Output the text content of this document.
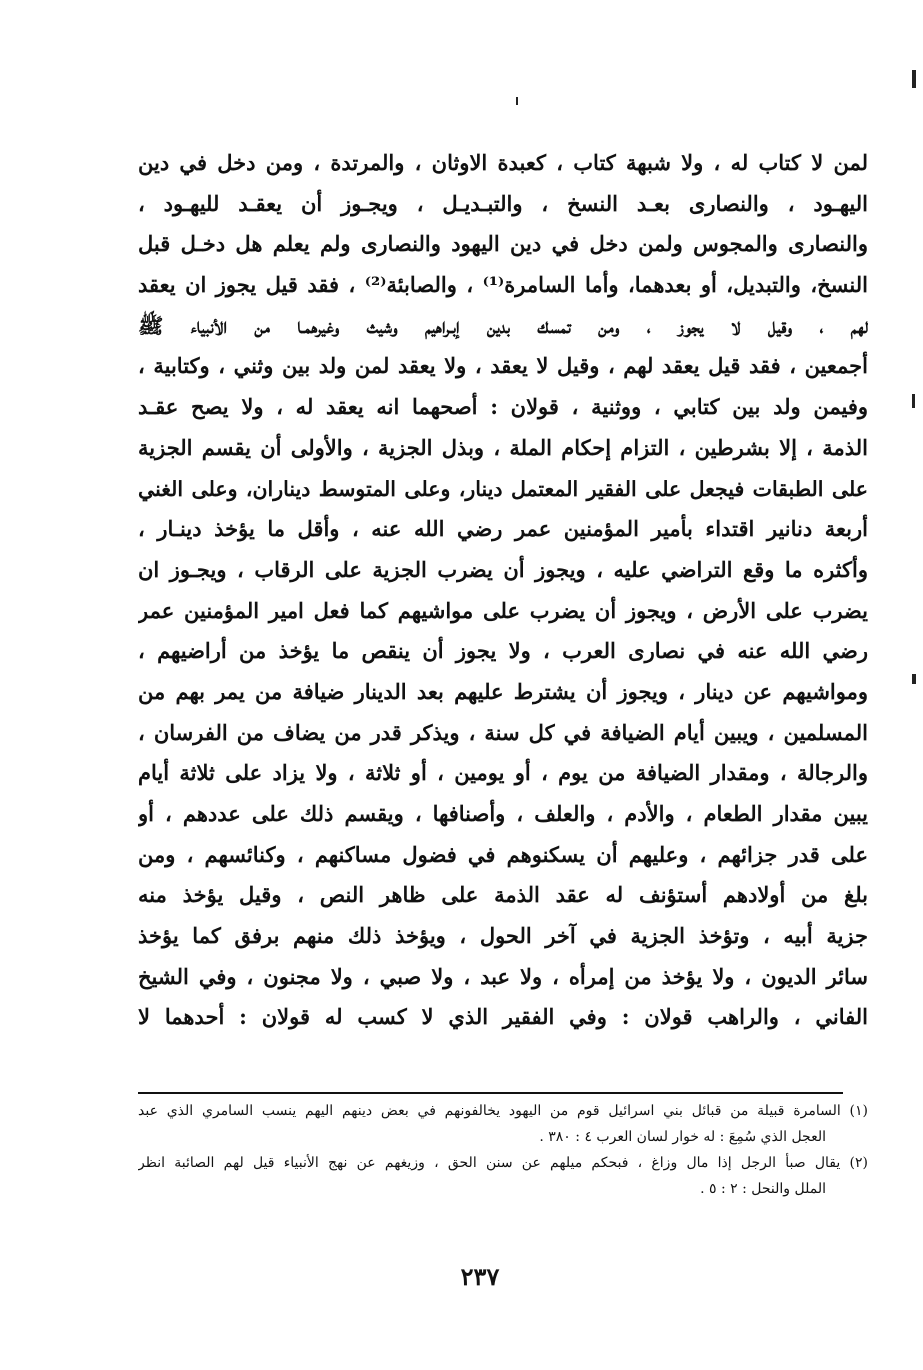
لمن لا كتاب له ، ولا شبهة كتاب ، كعبدة الاوثان ، والمرتدة ، ومن دخل في دين
اليهـود ، والنصارى بعـد النسخ ، والتبـديـل ، ويجـوز أن يعقـد لليهـود ،
والنصارى والمجوس ولمن دخل في دين اليهود والنصارى ولم يعلم هل دخـل قبل
النسخ، والتبديل، أو بعدهما، وأما السامرة⁽¹⁾ ، والصابئة⁽²⁾ ، فقد قيل يجوز ان يعقد
لهم ، وقيل لا يجوز ، ومن تمسك بدين إبـراهيم وشيث وغيرهمـا من الأنبياء ﷺ
أجمعين ، فقد قيل يعقد لهم ، وقيل لا يعقد ، ولا يعقد لمن ولد بين وثني ، وكتابية ،
وفيمن ولد بين كتابي ، ووثنية ، قولان : أصحهما انه يعقد له ، ولا يصح عقـد
الذمة ، إلا بشرطين ، التزام إحكام الملة ، وبذل الجزية ، والأولى أن يقسم الجزية
على الطبقات فيجعل على الفقير المعتمل دينار، وعلى المتوسط ديناران، وعلى الغني
أربعة دنانير اقتداء بأمير المؤمنين عمر رضي الله عنه ، وأقل ما يؤخذ دينـار ،
وأكثره ما وقع التراضي عليه ، ويجوز أن يضرب الجزية على الرقاب ، ويجـوز ان
يضرب على الأرض ، ويجوز أن يضرب على مواشيهم كما فعل امير المؤمنين عمر
رضي الله عنه في نصارى العرب ، ولا يجوز أن ينقص ما يؤخذ من أراضيهم ،
ومواشيهم عن دينار ، ويجوز أن يشترط عليهم بعد الدينار ضيافة من يمر بهم من
المسلمين ، ويبين أيام الضيافة في كل سنة ، ويذكر قدر من يضاف من الفرسان ،
والرجالة ، ومقدار الضيافة من يوم ، أو يومين ، أو ثلاثة ، ولا يزاد على ثلاثة أيام
يبين مقدار الطعام ، والأدم ، والعلف ، وأصنافها ، ويقسم ذلك على عددهم ، أو
على قدر جزائهم ، وعليهم أن يسكنوهم في فضول مساكنهم ، وكنائسهم ، ومن
بلغ من أولادهم أستؤنف له عقد الذمة على ظاهر النص ، وقيل يؤخذ منه
جزية أبيه ، وتؤخذ الجزية في آخر الحول ، ويؤخذ ذلك منهم برفق كما يؤخذ
سائر الديون ، ولا يؤخذ من إمرأه ، ولا عبد ، ولا صبي ، ولا مجنون ، وفي الشيخ
الفاني ، والراهب قولان : وفي الفقير الذي لا كسب له قولان : أحدهما لا
(١) السامرة قبيلة من قبائل بني اسرائيل قوم من اليهود يخالفونهم في بعض دينهم اليهم ينسب السامري الذي عبد
العجل الذي سُمِعَ : له خوار لسان العرب ٤ : ٣٨٠ .
(٢) يقال صبأ الرجل إذا مال وزاغ ، فبحكم ميلهم عن سنن الحق ، وزيغهم عن نهج الأنبياء قيل لهم الصائبة انظر
الملل والنحل : ٢ : ٥ .
٢٣٧
